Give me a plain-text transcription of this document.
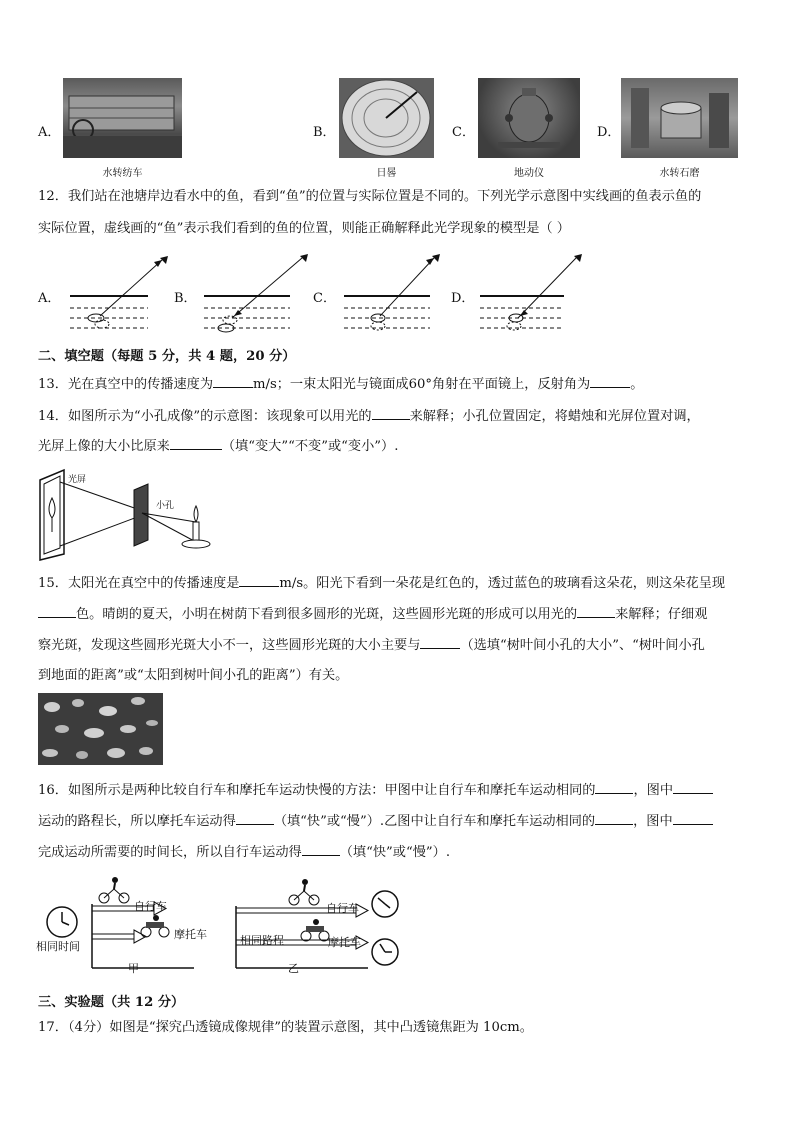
A．
水转纺车
B．
日晷
C．
地动仪
D．
水转石磨
12．我们站在池塘岸边看水中的鱼，看到“鱼”的位置与实际位置是不同的。下列光学示意图中实线画的鱼表示鱼的
实际位置，虚线画的“鱼”表示我们看到的鱼的位置，则能正确解释此光学现象的模型是（ ）
A．	B．	C．	D．
二、填空题（每题 5 分，共 4 题，20 分）
13．光在真空中的传播速度为	m/s；一束太阳光与镜面成60°角射在平面镜上，反射角为	。
14．如图所示为“小孔成像”的示意图：该现象可以用光的	来解释；小孔位置固定，将蜡烛和光屏位置对调，
光屏上像的大小比原来	（填“变大”“不变”或“变小”）.
光屏
小孔
15．太阳光在真空中的传播速度是	m/s。阳光下看到一朵花是红色的，透过蓝色的玻璃看这朵花，则这朵花呈现
色。晴朗的夏天，小明在树荫下看到很多圆形的光斑，这些圆形光斑的形成可以用光的	来解释；仔细观
察光斑，发现这些圆形光斑大小不一，这些圆形光斑的大小主要与	（选填“树叶间小孔的大小”、“树叶间小孔
到地面的距离”或“太阳到树叶间小孔的距离”）有关。
16．如图所示是两种比较自行车和摩托车运动快慢的方法：甲图中让自行车和摩托车运动相同的	，图中
运动的路程长，所以摩托车运动得	（填“快”或“慢”）.乙图中让自行车和摩托车运动相同的	，图中
完成运动所需要的时间长，所以自行车运动得	（填“快”或“慢”）.
自行车
摩托车
相同时间
甲
自行车
摩托车
相同路程
乙
三、实验题（共 12 分）
17．（4分）如图是“探究凸透镜成像规律”的装置示意图，其中凸透镜焦距为 10cm。
